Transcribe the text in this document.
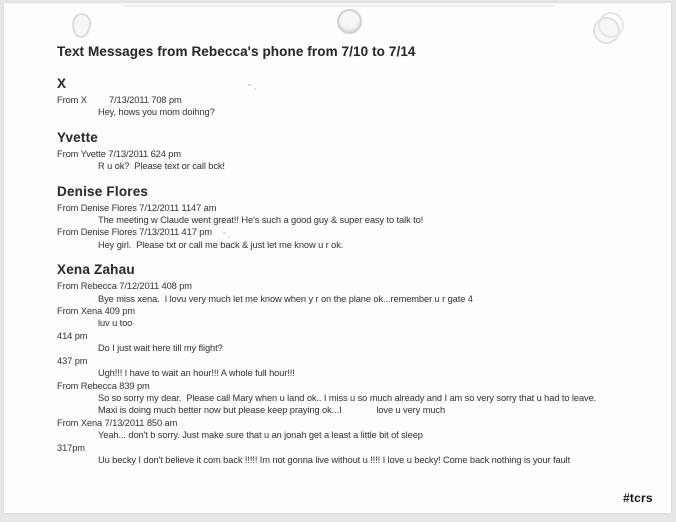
Text Messages from Rebecca's phone from 7/10 to 7/14
X
From X 7/13/2011 708 pm
Hey, hows you mom doihng?
Yvette
From Yvette 7/13/2011 624 pm
R u ok?  Please text or call bck!
Denise Flores
From Denise Flores 7/12/2011 1147 am
The meeting w Claude went great!! He's such a good guy & super easy to talk to!
From Denise Flores 7/13/2011 417 pm
Hey girl.  Please txt or call me back & just let me know u r ok.
Xena Zahau
From Rebecca 7/12/2011 408 pm
Bye miss xena.  I lovu very much let me know when y r on the plane ok...remember u r gate 4
From Xena 409 pm
luv u too
414 pm
Do I just wait here till my flight?
437 pm
Ugh!!! I have to wait an hour!!! A whole full hour!!!
From Rebecca 839 pm
So so sorry my dear.  Please call Mary when u land ok.. I miss u so much already and I am so very sorry that u had to leave.
Maxi is doing much better now but please keep praying ok...I              love u very much
From Xena 7/13/2011 850 am
Yeah... don't b sorry. Just make sure that u an jonah get a least a little bit of sleep
317pm
Uu becky I don't believe it com back !!!!! Im not gonna live without u !!!! I love u becky! Come back nothing is your fault
#tcrs
